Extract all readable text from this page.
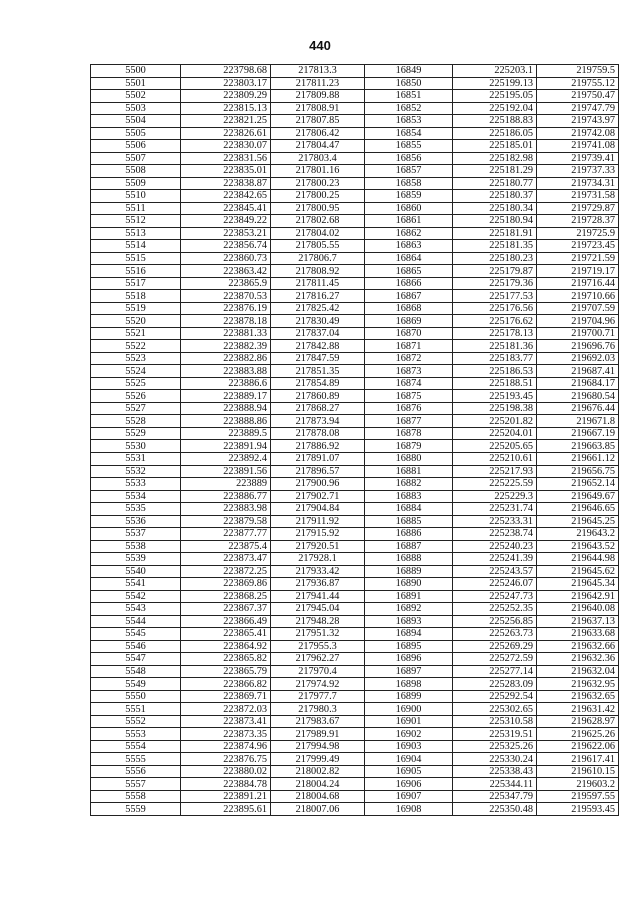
440
5500	223798.68	217813.3	16849	225203.1	219759.5
5501	223803.17	217811.23	16850	225199.13	219755.12
5502	223809.29	217809.88	16851	225195.05	219750.47
5503	223815.13	217808.91	16852	225192.04	219747.79
5504	223821.25	217807.85	16853	225188.83	219743.97
5505	223826.61	217806.42	16854	225186.05	219742.08
5506	223830.07	217804.47	16855	225185.01	219741.08
5507	223831.56	217803.4	16856	225182.98	219739.41
5508	223835.01	217801.16	16857	225181.29	219737.33
5509	223838.87	217800.23	16858	225180.77	219734.31
5510	223842.65	217800.25	16859	225180.37	219731.58
5511	223845.41	217800.95	16860	225180.34	219729.87
5512	223849.22	217802.68	16861	225180.94	219728.37
5513	223853.21	217804.02	16862	225181.91	219725.9
5514	223856.74	217805.55	16863	225181.35	219723.45
5515	223860.73	217806.7	16864	225180.23	219721.59
5516	223863.42	217808.92	16865	225179.87	219719.17
5517	223865.9	217811.45	16866	225179.36	219716.44
5518	223870.53	217816.27	16867	225177.53	219710.66
5519	223876.19	217825.42	16868	225176.56	219707.59
5520	223878.18	217830.49	16869	225176.62	219704.96
5521	223881.33	217837.04	16870	225178.13	219700.71
5522	223882.39	217842.88	16871	225181.36	219696.76
5523	223882.86	217847.59	16872	225183.77	219692.03
5524	223883.88	217851.35	16873	225186.53	219687.41
5525	223886.6	217854.89	16874	225188.51	219684.17
5526	223889.17	217860.89	16875	225193.45	219680.54
5527	223888.94	217868.27	16876	225198.38	219676.44
5528	223888.86	217873.94	16877	225201.82	219671.8
5529	223889.5	217878.08	16878	225204.01	219667.19
5530	223891.94	217886.92	16879	225205.65	219663.85
5531	223892.4	217891.07	16880	225210.61	219661.12
5532	223891.56	217896.57	16881	225217.93	219656.75
5533	223889	217900.96	16882	225225.59	219652.14
5534	223886.77	217902.71	16883	225229.3	219649.67
5535	223883.98	217904.84	16884	225231.74	219646.65
5536	223879.58	217911.92	16885	225233.31	219645.25
5537	223877.77	217915.92	16886	225238.74	219643.2
5538	223875.4	217920.51	16887	225240.23	219643.52
5539	223873.47	217928.1	16888	225241.39	219644.98
5540	223872.25	217933.42	16889	225243.57	219645.62
5541	223869.86	217936.87	16890	225246.07	219645.34
5542	223868.25	217941.44	16891	225247.73	219642.91
5543	223867.37	217945.04	16892	225252.35	219640.08
5544	223866.49	217948.28	16893	225256.85	219637.13
5545	223865.41	217951.32	16894	225263.73	219633.68
5546	223864.92	217955.3	16895	225269.29	219632.66
5547	223865.82	217962.27	16896	225272.59	219632.36
5548	223865.79	217970.4	16897	225277.14	219632.04
5549	223866.82	217974.92	16898	225283.09	219632.95
5550	223869.71	217977.7	16899	225292.54	219632.65
5551	223872.03	217980.3	16900	225302.65	219631.42
5552	223873.41	217983.67	16901	225310.58	219628.97
5553	223873.35	217989.91	16902	225319.51	219625.26
5554	223874.96	217994.98	16903	225325.26	219622.06
5555	223876.75	217999.49	16904	225330.24	219617.41
5556	223880.02	218002.82	16905	225338.43	219610.15
5557	223884.78	218004.24	16906	225344.11	219603.2
5558	223891.21	218004.68	16907	225347.79	219597.55
5559	223895.61	218007.06	16908	225350.48	219593.45
